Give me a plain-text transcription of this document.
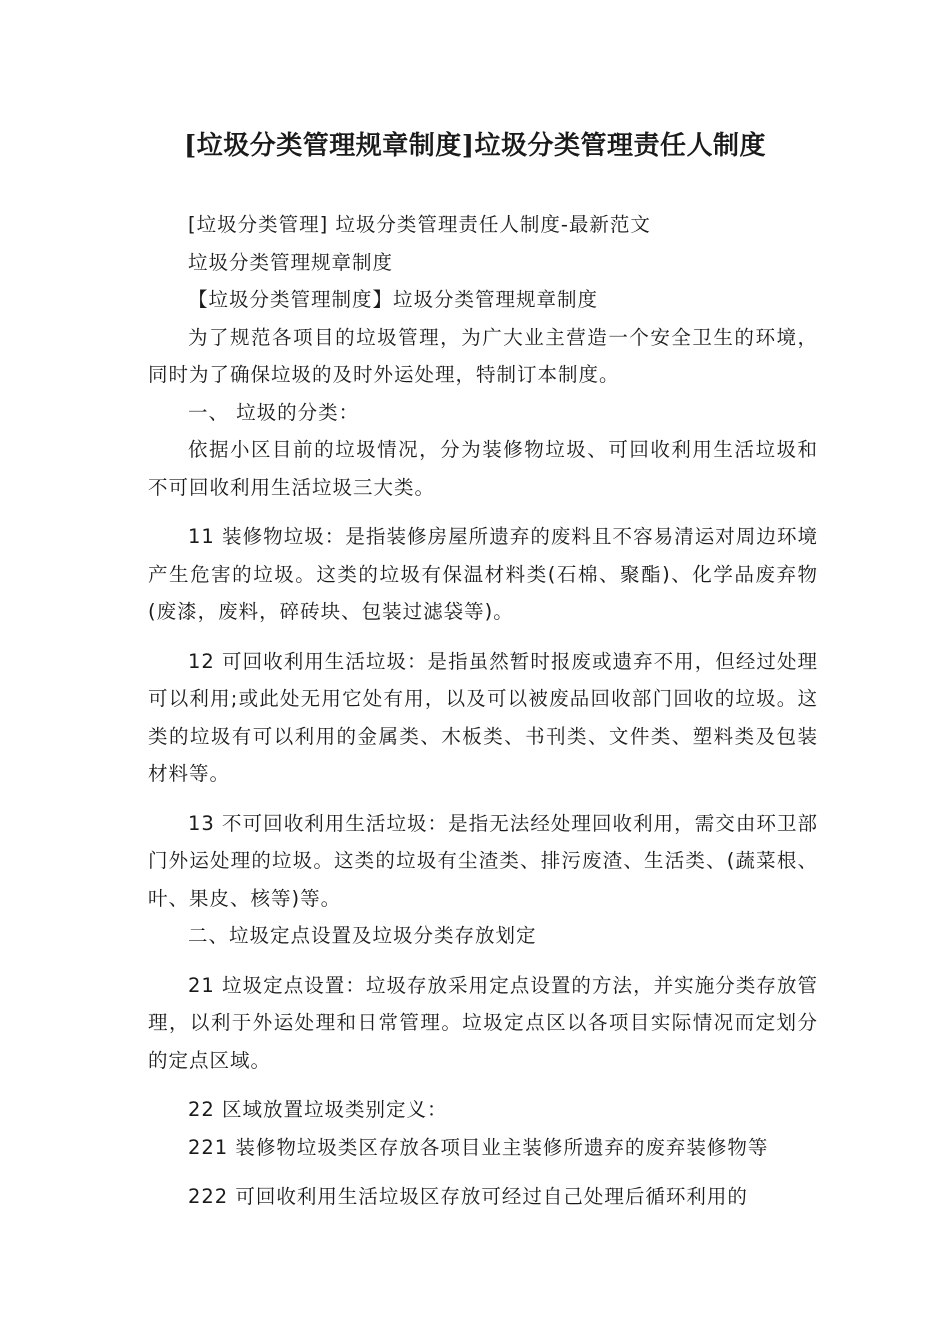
[垃圾分类管理规章制度]垃圾分类管理责任人制度

[垃圾分类管理] 垃圾分类管理责任人制度-最新范文

垃圾分类管理规章制度

【垃圾分类管理制度】垃圾分类管理规章制度

为了规范各项目的垃圾管理，为广大业主营造一个安全卫生的环境，同时为了确保垃圾的及时外运处理，特制订本制度。

一、 垃圾的分类：

依据小区目前的垃圾情况，分为装修物垃圾、可回收利用生活垃圾和不可回收利用生活垃圾三大类。

11 装修物垃圾：是指装修房屋所遗弃的废料且不容易清运对周边环境产生危害的垃圾。这类的垃圾有保温材料类(石棉、聚酯)、化学品废弃物(废漆，废料，碎砖块、包装过滤袋等)。

12 可回收利用生活垃圾：是指虽然暂时报废或遗弃不用，但经过处理可以利用;或此处无用它处有用，以及可以被废品回收部门回收的垃圾。这类的垃圾有可以利用的金属类、木板类、书刊类、文件类、塑料类及包装材料等。

13 不可回收利用生活垃圾：是指无法经处理回收利用，需交由环卫部门外运处理的垃圾。这类的垃圾有尘渣类、排污废渣、生活类、(蔬菜根、叶、果皮、核等)等。

二、垃圾定点设置及垃圾分类存放划定

21 垃圾定点设置：垃圾存放采用定点设置的方法，并实施分类存放管理，以利于外运处理和日常管理。垃圾定点区以各项目实际情况而定划分的定点区域。

22 区域放置垃圾类别定义：

221 装修物垃圾类区存放各项目业主装修所遗弃的废弃装修物等

222 可回收利用生活垃圾区存放可经过自己处理后循环利用的
